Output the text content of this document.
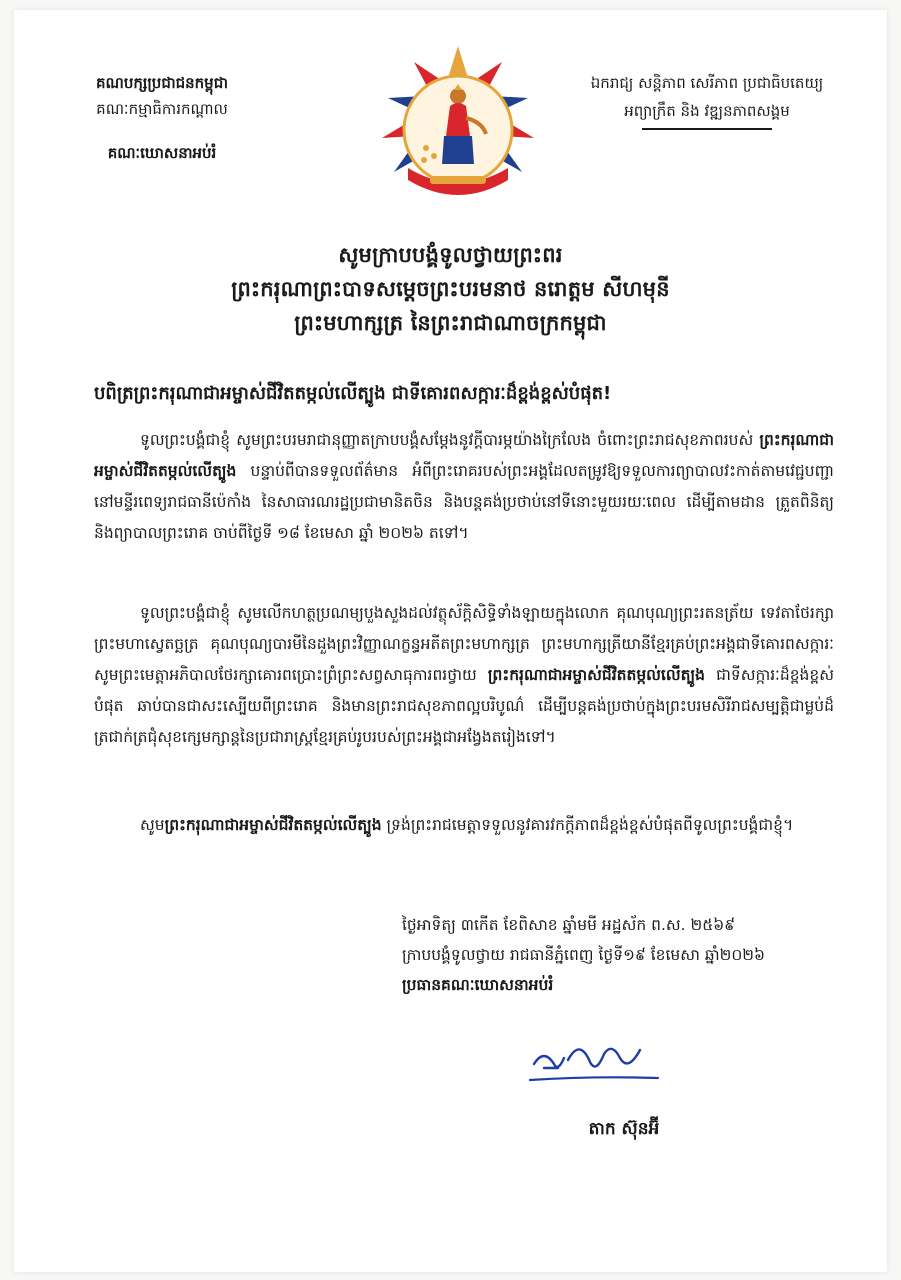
គណបក្សប្រជាជនកម្ពុជា
គណៈកម្មាធិការកណ្តាល
គណៈឃោសនាអប់រំ
ឯករាជ្យ សន្តិភាព សេរីភាព ប្រជាធិបតេយ្យ
អព្យាក្រឹត និង វឌ្ឍនភាពសង្គម
សូមក្រាបបង្គំទូលថ្វាយព្រះពរ
ព្រះករុណាព្រះបាទសម្តេចព្រះបរមនាថ នរោត្តម សីហមុនី
ព្រះមហាក្សត្រ នៃព្រះរាជាណាចក្រកម្ពុជា
បពិត្រព្រះករុណាជាអម្ចាស់ជីវិតតម្កល់លើត្បូង ជាទីគោរពសក្ការៈដ៏ខ្ពង់ខ្ពស់បំផុត!
ទូលព្រះបង្គំជាខ្ញុំ សូមព្រះបរមរាជានុញ្ញាតក្រាបបង្គំសម្តែងនូវក្តីបារម្ភយ៉ាងក្រៃលែង ចំពោះព្រះរាជសុខភាពរបស់ ព្រះករុណាជាអម្ចាស់ជីវិតតម្កល់លើត្បូង បន្ទាប់ពីបានទទួលព័ត៌មាន អំពីព្រះរោគរបស់ព្រះអង្គដែលតម្រូវឱ្យទទួលការព្យាបាលវះកាត់តាមវេជ្ជបញ្ជា នៅមន្ទីរពេទ្យរាជធានីប៉េកាំង នៃសាធារណរដ្ឋប្រជាមានិតចិន និងបន្តគង់ប្រថាប់នៅទីនោះមួយរយៈពេល ដើម្បីតាមដាន ត្រួតពិនិត្យ និងព្យាបាលព្រះរោគ ចាប់ពីថ្ងៃទី ១៨ ខែមេសា ឆ្នាំ ២០២៦ តទៅ។
ទូលព្រះបង្គំជាខ្ញុំ សូមលើកហត្ថប្រណម្យបួងសួងដល់វត្ថុស័ក្តិសិទ្ធិទាំងឡាយក្នុងលោក គុណបុណ្យព្រះរតនត្រ័យ ទេវតាថែរក្សាព្រះមហាស្វេតច្ឆត្រ គុណបុណ្យបារមីនៃដួងព្រះវិញ្ញាណក្ខន្ធអតីតព្រះមហាក្សត្រ ព្រះមហាក្សត្រីយានីខ្មែរគ្រប់ព្រះអង្គជាទីគោរពសក្ការៈ សូមព្រះមេត្តាអភិបាលថែរក្សាគោរពប្រោះព្រំព្រះសព្វសាធុការពរថ្វាយ ព្រះករុណាជាអម្ចាស់ជីវិតតម្កល់លើត្បូង ជាទីសក្ការៈដ៏ខ្ពង់ខ្ពស់បំផុត ឆាប់បានជាសះស្បើយពីព្រះរោគ និងមានព្រះរាជសុខភាពល្អបរិបូណ៌ ដើម្បីបន្តគង់ប្រថាប់ក្នុងព្រះបរមសិរីរាជសម្បត្តិជាម្លប់ដ៏ត្រជាក់ត្រជុំសុខក្សេមក្សាន្តនៃប្រជារាស្ត្រខ្មែរគ្រប់រូបរបស់ព្រះអង្គជាអង្វែងតរៀងទៅ។
សូមព្រះករុណាជាអម្ចាស់ជីវិតតម្កល់លើត្បូង ទ្រង់ព្រះរាជមេត្តាទទួលនូវគារវកក្តីភាពដ៏ខ្ពង់ខ្ពស់បំផុតពីទូលព្រះបង្គំជាខ្ញុំ។
ថ្ងៃអាទិត្យ ៣កើត ខែពិសាខ ឆ្នាំមមី អដ្ឋស័ក ព.ស. ២៥៦៩
ក្រាបបង្គំទូលថ្វាយ រាជធានីភ្នំពេញ ថ្ងៃទី១៩ ខែមេសា ឆ្នាំ២០២៦
ប្រធានគណៈឃោសនាអប់រំ
តាក ស៊ុនអ៊ី
